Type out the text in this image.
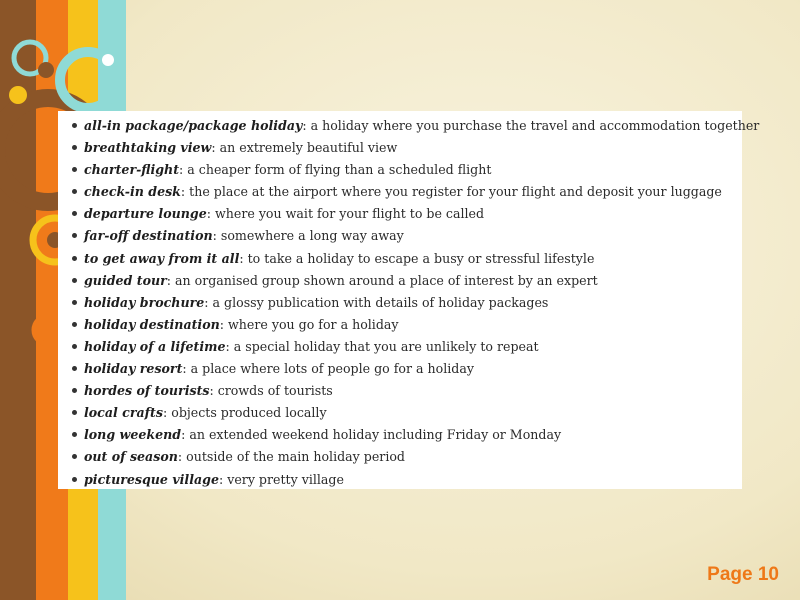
all-in package/package holiday: a holiday where you purchase the travel and accommodation together
breathtaking view: an extremely beautiful view
charter-flight: a cheaper form of flying than a scheduled flight
check-in desk: the place at the airport where you register for your flight and deposit your luggage
departure lounge: where you wait for your flight to be called
far-off destination: somewhere a long way away
to get away from it all: to take a holiday to escape a busy or stressful lifestyle
guided tour: an organised group shown around a place of interest by an expert
holiday brochure: a glossy publication with details of holiday packages
holiday destination: where you go for a holiday
holiday of a lifetime: a special holiday that you are unlikely to repeat
holiday resort: a place where lots of people go for a holiday
hordes of tourists: crowds of tourists
local crafts: objects produced locally
long weekend: an extended weekend holiday including Friday or Monday
out of season: outside of the main holiday period
picturesque village: very pretty village
Page 10
